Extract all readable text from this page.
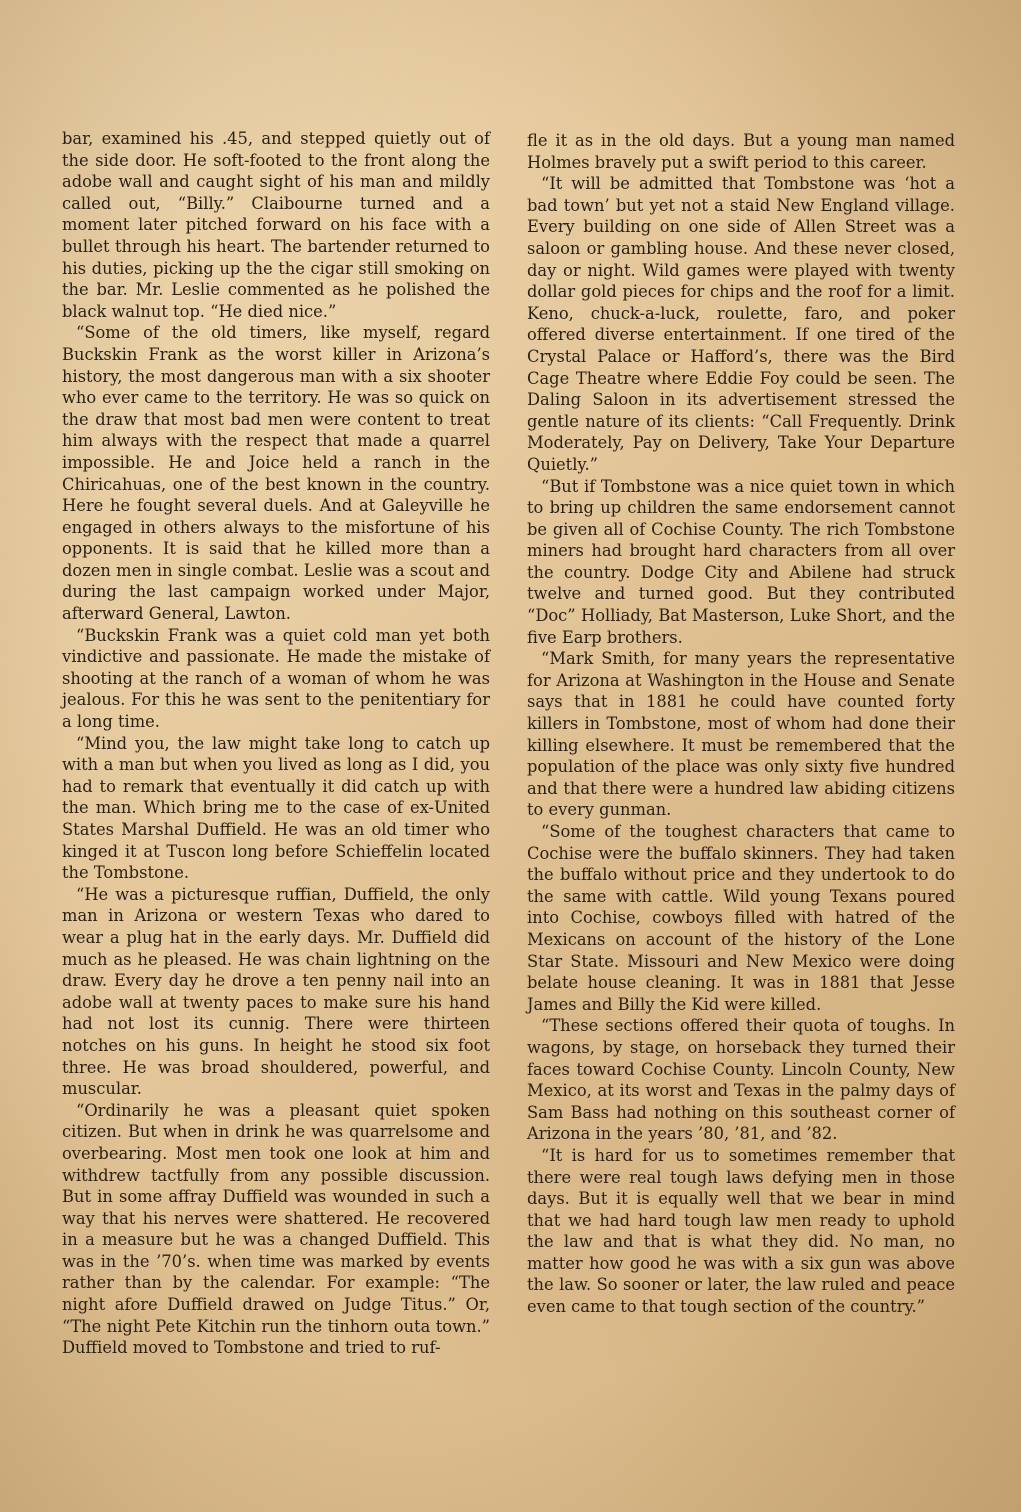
bar, examined his .45, and stepped quietly out of the side door. He soft-footed to the front along the adobe wall and caught sight of his man and mildly called out, “Billy.” Claibourne turned and a moment later pitched forward on his face with a bullet through his heart. The bartender returned to his duties, picking up the the cigar still smoking on the bar. Mr. Leslie commented as he polished the black walnut top. “He died nice.”

“Some of the old timers, like myself, regard Buckskin Frank as the worst killer in Arizona’s history, the most dangerous man with a six shooter who ever came to the territory. He was so quick on the draw that most bad men were content to treat him always with the respect that made a quarrel impossible. He and Joice held a ranch in the Chiricahuas, one of the best known in the country. Here he fought several duels. And at Galeyville he engaged in others always to the misfortune of his opponents. It is said that he killed more than a dozen men in single combat. Leslie was a scout and during the last campaign worked under Major, afterward General, Lawton.

“Buckskin Frank was a quiet cold man yet both vindictive and passionate. He made the mistake of shooting at the ranch of a woman of whom he was jealous. For this he was sent to the penitentiary for a long time.

“Mind you, the law might take long to catch up with a man but when you lived as long as I did, you had to remark that eventually it did catch up with the man. Which bring me to the case of ex-United States Marshal Duffield. He was an old timer who kinged it at Tuscon long before Schieffelin located the Tombstone.

“He was a picturesque ruffian, Duffield, the only man in Arizona or western Texas who dared to wear a plug hat in the early days. Mr. Duffield did much as he pleased. He was chain lightning on the draw. Every day he drove a ten penny nail into an adobe wall at twenty paces to make sure his hand had not lost its cunnig. There were thirteen notches on his guns. In height he stood six foot three. He was broad shouldered, powerful, and muscular.

“Ordinarily he was a pleasant quiet spoken citizen. But when in drink he was quarrelsome and overbearing. Most men took one look at him and withdrew tactfully from any possible discussion. But in some affray Duffield was wounded in such a way that his nerves were shattered. He recovered in a measure but he was a changed Duffield. This was in the ’70’s. when time was marked by events rather than by the calendar. For example: “The night afore Duffield drawed on Judge Titus.” Or, “The night Pete Kitchin run the tinhorn outa town.” Duffield moved to Tombstone and tried to ruf-

fle it as in the old days. But a young man named Holmes bravely put a swift period to this career.

“It will be admitted that Tombstone was ‘hot a bad town’ but yet not a staid New England village. Every building on one side of Allen Street was a saloon or gambling house. And these never closed, day or night. Wild games were played with twenty dollar gold pieces for chips and the roof for a limit. Keno, chuck-a-luck, roulette, faro, and poker offered diverse entertainment. If one tired of the Crystal Palace or Hafford’s, there was the Bird Cage Theatre where Eddie Foy could be seen. The Daling Saloon in its advertisement stressed the gentle nature of its clients: “Call Frequently. Drink Moderately, Pay on Delivery, Take Your Departure Quietly.”

“But if Tombstone was a nice quiet town in which to bring up children the same endorsement cannot be given all of Cochise County. The rich Tombstone miners had brought hard characters from all over the country. Dodge City and Abilene had struck twelve and turned good. But they contributed “Doc” Holliady, Bat Masterson, Luke Short, and the five Earp brothers.

“Mark Smith, for many years the representative for Arizona at Washington in the House and Senate says that in 1881 he could have counted forty killers in Tombstone, most of whom had done their killing elsewhere. It must be remembered that the population of the place was only sixty five hundred and that there were a hundred law abiding citizens to every gunman.

“Some of the toughest characters that came to Cochise were the buffalo skinners. They had taken the buffalo without price and they undertook to do the same with cattle. Wild young Texans poured into Cochise, cowboys filled with hatred of the Mexicans on account of the history of the Lone Star State. Missouri and New Mexico were doing belate house cleaning. It was in 1881 that Jesse James and Billy the Kid were killed.

“These sections offered their quota of toughs. In wagons, by stage, on horseback they turned their faces toward Cochise County. Lincoln County, New Mexico, at its worst and Texas in the palmy days of Sam Bass had nothing on this southeast corner of Arizona in the years ’80, ’81, and ’82.

“It is hard for us to sometimes remember that there were real tough laws defying men in those days. But it is equally well that we bear in mind that we had hard tough law men ready to uphold the law and that is what they did. No man, no matter how good he was with a six gun was above the law. So sooner or later, the law ruled and peace even came to that tough section of the country.”
